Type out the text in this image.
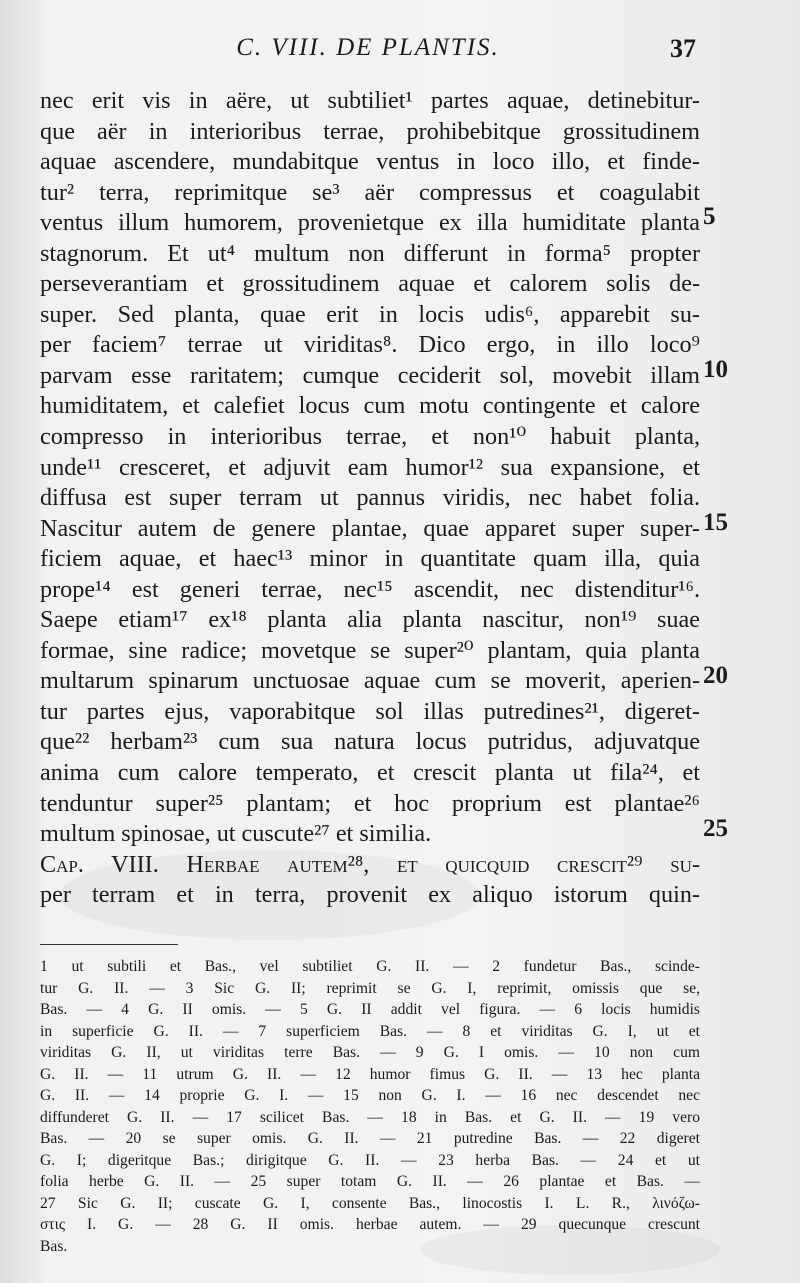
C. VIII. DE PLANTIS.	37
nec erit vis in aëre, ut subtiliet¹ partes aquae, detinebitur-
que aër in interioribus terrae, prohibebitque grossitudinem
aquae ascendere, mundabitque ventus in loco illo, et finde-
tur² terra, reprimitque se³ aër compressus et coagulabit
ventus illum humorem, provenietque ex illa humiditate planta
stagnorum. Et ut⁴ multum non differunt in forma⁵ propter
perseverantiam et grossitudinem aquae et calorem solis de-
super. Sed planta, quae erit in locis udis⁶, apparebit su-
per faciem⁷ terrae ut viriditas⁸. Dico ergo, in illo loco⁹
parvam esse raritatem; cumque ceciderit sol, movebit illam
humiditatem, et calefiet locus cum motu contingente et calore
compresso in interioribus terrae, et non¹⁰ habuit planta,
unde¹¹ cresceret, et adjuvit eam humor¹² sua expansione, et
diffusa est super terram ut pannus viridis, nec habet folia.
Nascitur autem de genere plantae, quae apparet super super-
ficiem aquae, et haec¹³ minor in quantitate quam illa, quia
prope¹⁴ est generi terrae, nec¹⁵ ascendit, nec distenditur¹⁶.
Saepe etiam¹⁷ ex¹⁸ planta alia planta nascitur, non¹⁹ suae
formae, sine radice; movetque se super²⁰ plantam, quia planta
multarum spinarum unctuosae aquae cum se moverit, aperien-
tur partes ejus, vaporabitque sol illas putredines²¹, digeret-
que²² herbam²³ cum sua natura locus putridus, adjuvatque
anima cum calore temperato, et crescit planta ut fila²⁴, et
tenduntur super²⁵ plantam; et hoc proprium est plantae²⁶
multum spinosae, ut cuscute²⁷ et similia.
Cap. VIII. Herbae autem²⁸, et quicquid crescit²⁹ su-
per terram et in terra, provenit ex aliquo istorum quin-
5
10
15
20
25
1 ut subtili et Bas., vel subtiliet G. II. — 2 fundetur Bas., scinde-
tur G. II. — 3 Sic G. II; reprimit se G. I, reprimit, omissis que se,
Bas. — 4 G. II omis. — 5 G. II addit vel figura. — 6 locis humidis
in superficie G. II. — 7 superficiem Bas. — 8 et viriditas G. I, ut et
viriditas G. II, ut viriditas terre Bas. — 9 G. I omis. — 10 non cum
G. II. — 11 utrum G. II. — 12 humor fimus G. II. — 13 hec planta
G. II. — 14 proprie G. I. — 15 non G. I. — 16 nec descendet nec
diffunderet G. II. — 17 scilicet Bas. — 18 in Bas. et G. II. — 19 vero
Bas. — 20 se super omis. G. II. — 21 putredine Bas. — 22 digeret
G. I; digeritque Bas.; dirigitque G. II. — 23 herba Bas. — 24 et ut
folia herbe G. II. — 25 super totam G. II. — 26 plantae et Bas. —
27 Sic G. II; cuscate G. I, consente Bas., linocostis I. L. R., λινόζω-
στις I. G. — 28 G. II omis. herbae autem. — 29 quecunque crescunt
Bas.
